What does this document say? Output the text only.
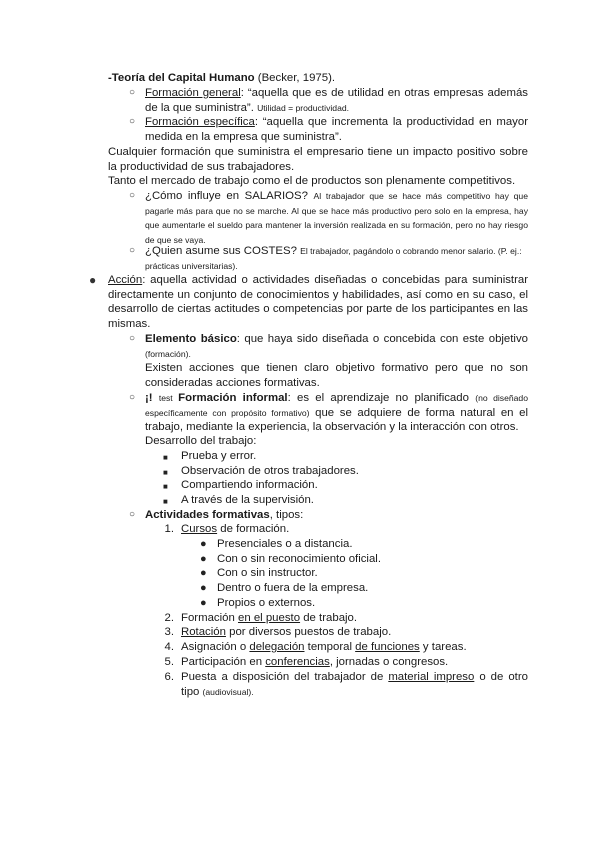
-Teoría del Capital Humano (Becker, 1975).
○ Formación general: “aquella que es de utilidad en otras empresas además de la que suministra”. Utilidad = productividad.
○ Formación específica: “aquella que incrementa la productividad en mayor medida en la empresa que suministra”.
Cualquier formación que suministra el empresario tiene un impacto positivo sobre la productividad de sus trabajadores.
Tanto el mercado de trabajo como el de productos son plenamente competitivos.
○ ¿Cómo influye en SALARIOS? Al trabajador que se hace más competitivo hay que pagarle más para que no se marche. Al que se hace más productivo pero solo en la empresa, hay que aumentarle el sueldo para mantener la inversión realizada en su formación, pero no hay riesgo de que se vaya.
○ ¿Quien asume sus COSTES? El trabajador, pagándolo o cobrando menor salario. (P. ej.: prácticas universitarias).
● Acción: aquella actividad o actividades diseñadas o concebidas para suministrar directamente un conjunto de conocimientos y habilidades, así como en su caso, el desarrollo de ciertas actitudes o competencias por parte de los participantes en las mismas.
○ Elemento básico: que haya sido diseñada o concebida con este objetivo (formación).
Existen acciones que tienen claro objetivo formativo pero que no son consideradas acciones formativas.
○ ¡! test Formación informal: es el aprendizaje no planificado (no diseñado específicamente con propósito formativo) que se adquiere de forma natural en el trabajo, mediante la experiencia, la observación y la interacción con otros.
Desarrollo del trabajo:
■ Prueba y error.
■ Observación de otros trabajadores.
■ Compartiendo información.
■ A través de la supervisión.
○ Actividades formativas, tipos:
1. Cursos de formación.
● Presenciales o a distancia.
● Con o sin reconocimiento oficial.
● Con o sin instructor.
● Dentro o fuera de la empresa.
● Propios o externos.
2. Formación en el puesto de trabajo.
3. Rotación por diversos puestos de trabajo.
4. Asignación o delegación temporal de funciones y tareas.
5. Participación en conferencias, jornadas o congresos.
6. Puesta a disposición del trabajador de material impreso o de otro tipo (audiovisual).
